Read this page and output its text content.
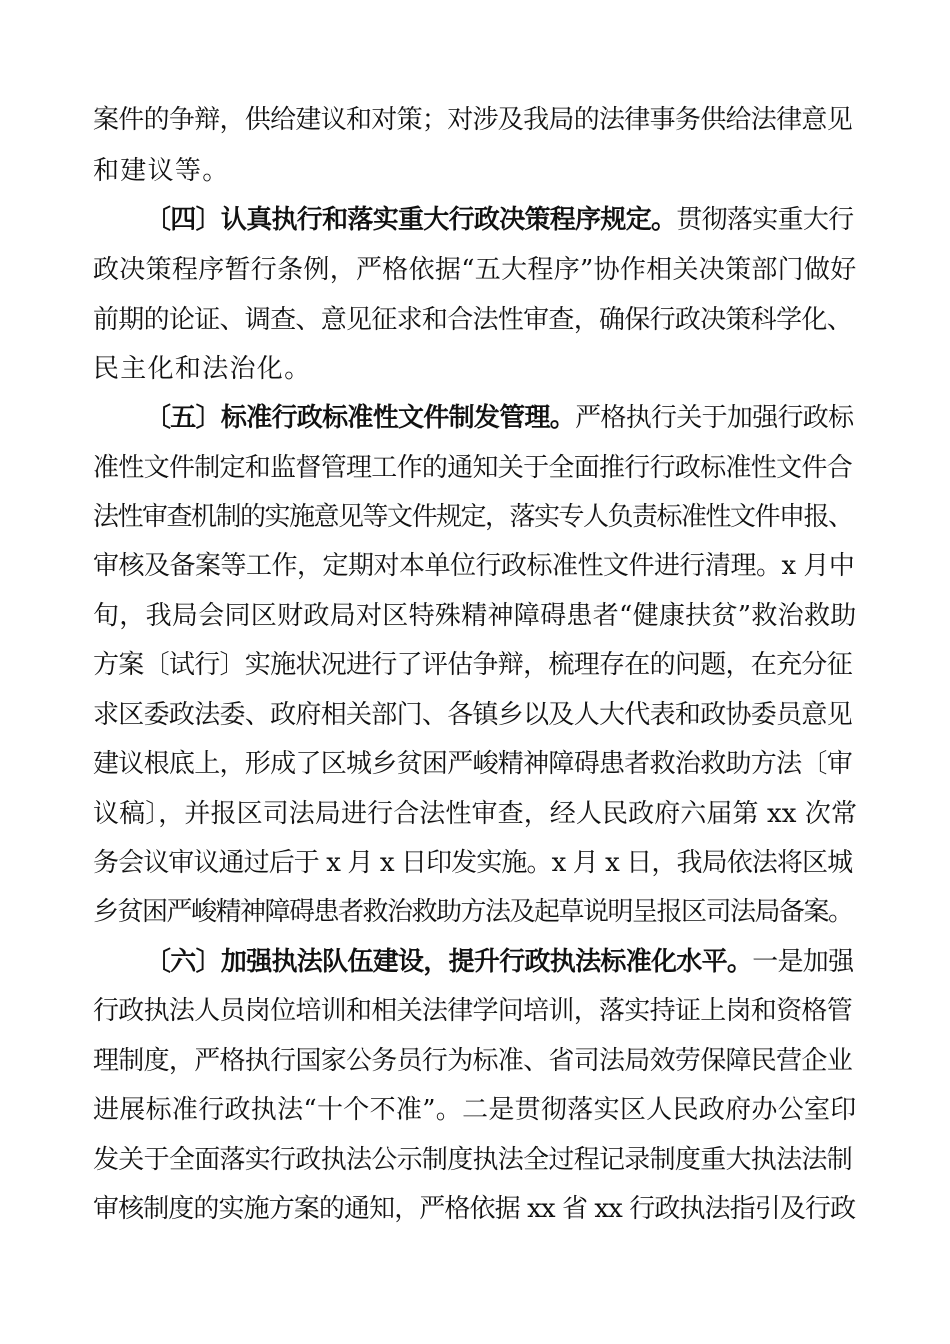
案件的争辩，供给建议和对策；对涉及我局的法律事务供给法律意见
和建议等。
〔四〕认真执行和落实重大行政决策程序规定。贯彻落实重大行
政决策程序暂行条例，严格依据“五大程序”协作相关决策部门做好
前期的论证、调查、意见征求和合法性审查，确保行政决策科学化、
民主化和法治化。
〔五〕标准行政标准性文件制发管理。严格执行关于加强行政标
准性文件制定和监督管理工作的通知关于全面推行行政标准性文件合
法性审查机制的实施意见等文件规定，落实专人负责标准性文件申报、
审核及备案等工作，定期对本单位行政标准性文件进行清理。x 月中
旬，我局会同区财政局对区特殊精神障碍患者“健康扶贫”救治救助
方案〔试行〕实施状况进行了评估争辩，梳理存在的问题，在充分征
求区委政法委、政府相关部门、各镇乡以及人大代表和政协委员意见
建议根底上，形成了区城乡贫困严峻精神障碍患者救治救助方法〔审
议稿〕，并报区司法局进行合法性审查，经人民政府六届第 xx 次常
务会议审议通过后于 x 月 x 日印发实施。x 月 x 日，我局依法将区城
乡贫困严峻精神障碍患者救治救助方法及起草说明呈报区司法局备案。
〔六〕加强执法队伍建设，提升行政执法标准化水平。一是加强
行政执法人员岗位培训和相关法律学问培训，落实持证上岗和资格管
理制度，严格执行国家公务员行为标准、省司法局效劳保障民营企业
进展标准行政执法“十个不准”。二是贯彻落实区人民政府办公室印
发关于全面落实行政执法公示制度执法全过程记录制度重大执法法制
审核制度的实施方案的通知，严格依据 xx 省 xx 行政执法指引及行政
